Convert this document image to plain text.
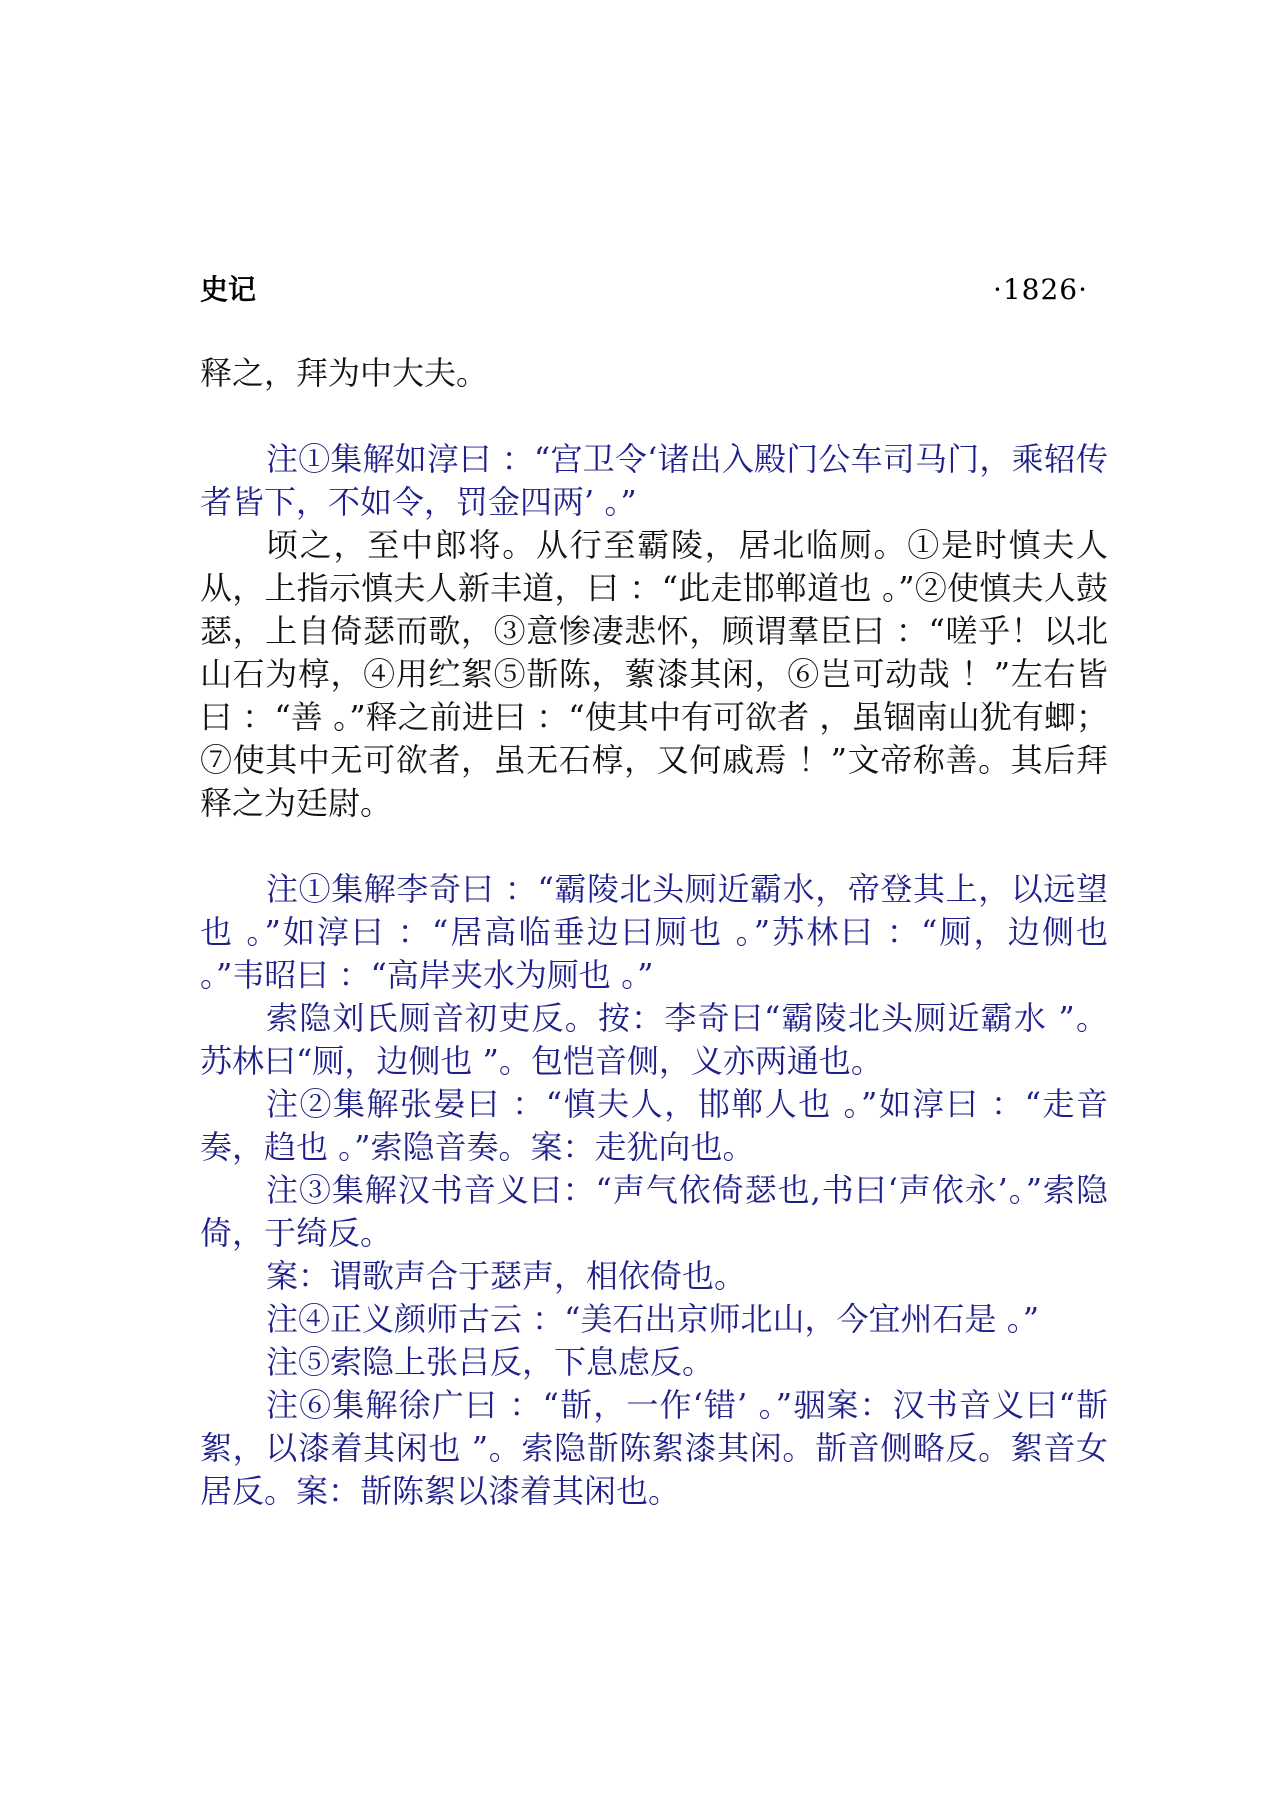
史记	·1826·

释之，拜为中大夫。

注①集解如淳曰 ：“宫卫令‘诸出入殿门公车司马门，乘轺传者皆下，不如令，罚金四两’ 。”

顷之，至中郎将。从行至霸陵，居北临厕。①是时慎夫人从，上指示慎夫人新丰道，曰 ：“此走邯郸道也 。”②使慎夫人鼓瑟，上自倚瑟而歌，③意惨凄悲怀，顾谓羣臣曰 ：“嗟乎！以北山石为椁，④用纻絮⑤斮陈，蕠漆其闲，⑥岂可动哉 ！”左右皆曰 ：“善 。”释之前进曰 ：“使其中有可欲者 ，虽锢南山犹有蝍；⑦使其中无可欲者，虽无石椁，又何戚焉 ！”文帝称善。其后拜释之为廷尉。

注①集解李奇曰 ：“霸陵北头厕近霸水，帝登其上，以远望也 。”如淳曰 ：“居高临垂边曰厕也 。”苏林曰 ：“厕，边侧也 。”韦昭曰 ：“高岸夹水为厕也 。”

索隐刘氏厕音初吏反。按：李奇曰“霸陵北头厕近霸水 ”。苏林曰“厕，边侧也 ”。包恺音侧，义亦两通也。

注②集解张晏曰 ：“慎夫人，邯郸人也 。”如淳曰 ：“走音奏，趋也 。”索隐音奏。案：走犹向也。

注③集解汉书音义曰：“声气依倚瑟也,书曰‘声依永’。”索隐倚，于绮反。

案：谓歌声合于瑟声，相依倚也。

注④正义颜师古云 ：“美石出京师北山，今宜州石是 。”

注⑤索隐上张吕反，下息虑反。

注⑥集解徐广曰 ：“斮，一作‘错’ 。”骃案：汉书音义曰“斮絮，以漆着其闲也 ”。索隐斮陈絮漆其闲。斮音侧略反。絮音女居反。案：斮陈絮以漆着其闲也。
